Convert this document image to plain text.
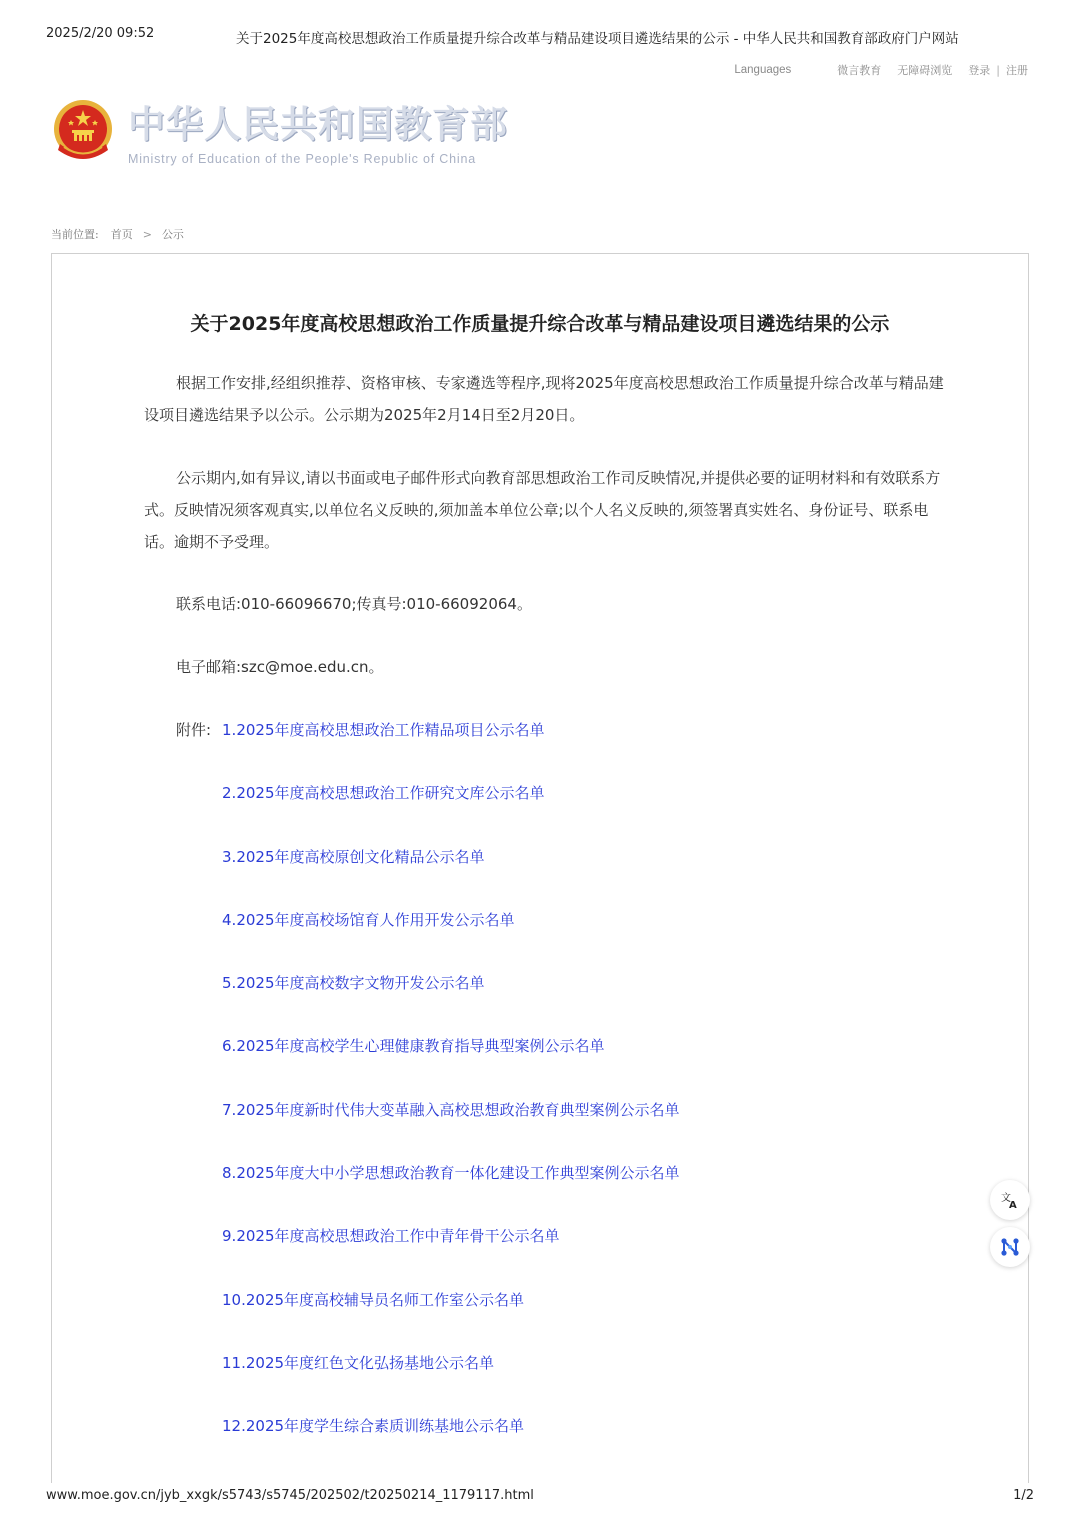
2025/2/20 09:52	关于2025年度高校思想政治工作质量提升综合改革与精品建设项目遴选结果的公示 - 中华人民共和国教育部政府门户网站
Languages	微言教育 无障碍浏览 登录 | 注册
中华人民共和国教育部
Ministry of Education of the People's Republic of China
当前位置: 首页 > 公示
关于2025年度高校思想政治工作质量提升综合改革与精品建设项目遴选结果的公示

根据工作安排,经组织推荐、资格审核、专家遴选等程序,现将2025年度高校思想政治工作质量提升综合改革与精品建设项目遴选结果予以公示。公示期为2025年2月14日至2月20日。

公示期内,如有异议,请以书面或电子邮件形式向教育部思想政治工作司反映情况,并提供必要的证明材料和有效联系方式。反映情况须客观真实,以单位名义反映的,须加盖本单位公章;以个人名义反映的,须签署真实姓名、身份证号、联系电话。逾期不予受理。

联系电话:010-66096670;传真号:010-66092064。

电子邮箱:szc@moe.edu.cn。

附件: 1.2025年度高校思想政治工作精品项目公示名单
2.2025年度高校思想政治工作研究文库公示名单
3.2025年度高校原创文化精品公示名单
4.2025年度高校场馆育人作用开发公示名单
5.2025年度高校数字文物开发公示名单
6.2025年度高校学生心理健康教育指导典型案例公示名单
7.2025年度新时代伟大变革融入高校思想政治教育典型案例公示名单
8.2025年度大中小学思想政治教育一体化建设工作典型案例公示名单
9.2025年度高校思想政治工作中青年骨干公示名单
10.2025年度高校辅导员名师工作室公示名单
11.2025年度红色文化弘扬基地公示名单
12.2025年度学生综合素质训练基地公示名单
文
A
www.moe.gov.cn/jyb_xxgk/s5743/s5745/202502/t20250214_1179117.html	1/2
